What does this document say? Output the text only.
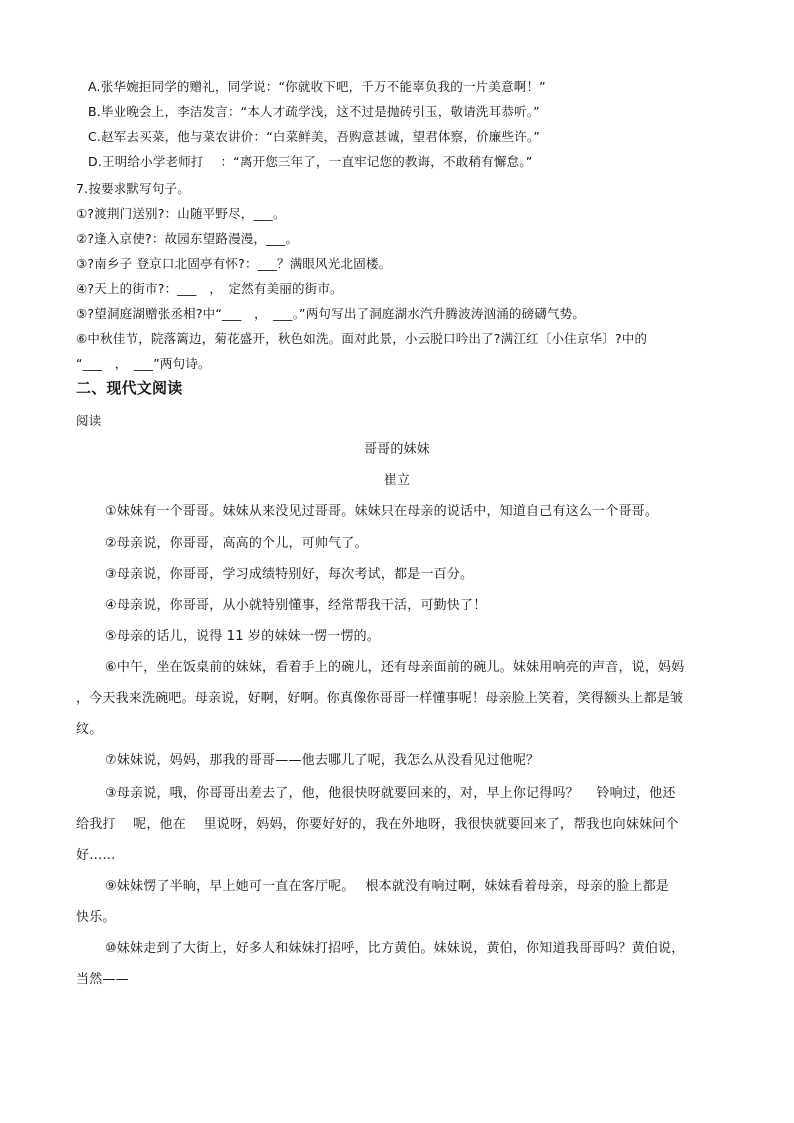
A.张华婉拒同学的赠礼，同学说：“你就收下吧，千万不能辜负我的一片美意啊！”
B.毕业晚会上，李洁发言：“本人才疏学浅，这不过是抛砖引玉，敬请洗耳恭听。”
C.赵军去买菜，他与菜农讲价：“白菜鲜美，吾购意甚诚，望君体察，价廉些许。”
D.王明给小学老师打　 ：“离开您三年了，一直牢记您的教诲，不敢稍有懈怠。”
7.按要求默写句子。
①?渡荆门送别?：山随平野尽，___。
②?逢入京使?：故园东望路漫漫，___。
③?南乡子 登京口北固亭有怀?：___？满眼风光北固楼。
④?天上的街市?：___　，　定然有美丽的街市。
⑤?望洞庭湖赠张丞相?中“___　，　___。”两句写出了洞庭湖水汽升腾波涛汹涌的磅礴气势。
⑥中秋佳节，院落篱边，菊花盛开，秋色如洗。面对此景，小云脱口吟出了?满江红〔小住京华〕?中的
“___　，　___”两句诗。
二、现代文阅读
阅读
哥哥的妹妹
崔立
①妹妹有一个哥哥。妹妹从来没见过哥哥。妹妹只在母亲的说话中，知道自己有这么一个哥哥。
②母亲说，你哥哥，高高的个儿，可帅气了。
③母亲说，你哥哥，学习成绩特别好，每次考试，都是一百分。
④母亲说，你哥哥，从小就特别懂事，经常帮我干活，可勤快了！
⑤母亲的话儿，说得 11 岁的妹妹一愣一愣的。
⑥中午，坐在饭桌前的妹妹，看着手上的碗儿，还有母亲面前的碗儿。妹妹用响亮的声音，说，妈妈
，今天我来洗碗吧。母亲说，好啊，好啊。你真像你哥哥一样懂事呢！母亲脸上笑着，笑得额头上都是皱
纹。
⑦妹妹说，妈妈，那我的哥哥——他去哪儿了呢，我怎么从没看见过他呢？
③母亲说，哦，你哥哥出差去了，他，他很快呀就要回来的，对，早上你记得吗？　 铃响过，他还
给我打　 呢，他在　 里说呀，妈妈，你要好好的，我在外地呀，我很快就要回来了，帮我也向妹妹问个
好……
⑨妹妹愣了半晌，早上她可一直在客厅呢。　 根本就没有响过啊，妹妹看着母亲，母亲的脸上都是
快乐。
⑩妹妹走到了大街上，好多人和妹妹打招呼，比方黄伯。妹妹说，黄伯，你知道我哥哥吗？黄伯说，
当然——
